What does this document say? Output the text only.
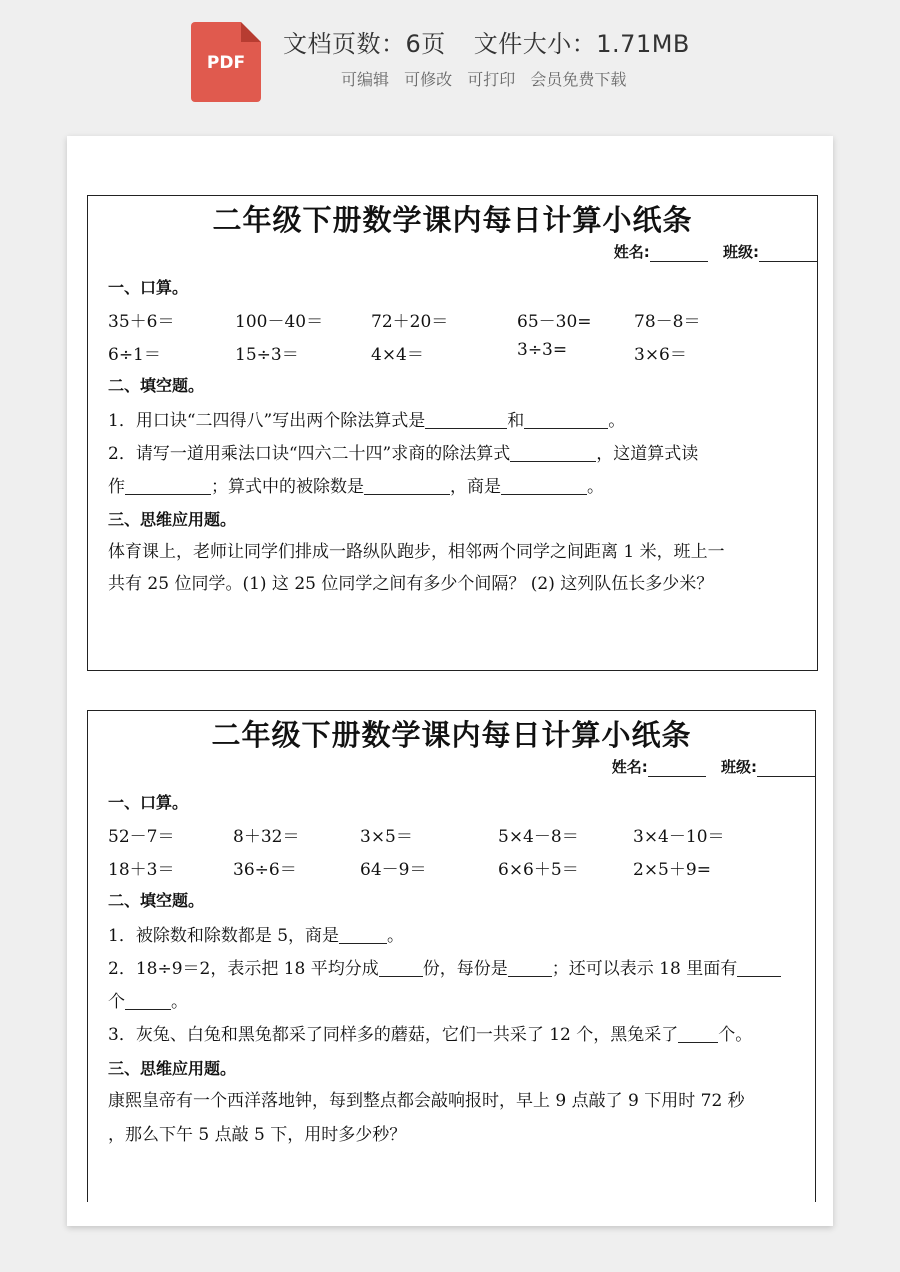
PDF
文档页数：6页 文件大小：1.71MB
可编辑 可修改 可打印 会员免费下载
二年级下册数学课内每日计算小纸条
姓名:	班级:
一、口算。
35＋6＝	100－40＝	72＋20＝	65－30= 78－8＝
6÷1＝	15÷3＝	4×4＝	3÷3=	3×6＝
二、填空题。
1．用口诀“二四得八”写出两个除法算式是	和	。
2．请写一道用乘法口诀“四六二十四”求商的除法算式	，这道算式读
作	；算式中的被除数是	，商是	。
三、思维应用题。
体育课上，老师让同学们排成一路纵队跑步，相邻两个同学之间距离 1 米，班上一
共有 25 位同学。(1) 这 25 位同学之间有多少个间隔？ (2) 这列队伍长多少米？
二年级下册数学课内每日计算小纸条
姓名:	班级:
一、口算。
52－7＝	8＋32＝	3×5＝	5×4－8＝	3×4－10＝
18＋3＝	36÷6＝	64－9＝	6×6＋5＝	2×5＋9=
二、填空题。
1．被除数和除数都是 5，商是	。
2．18÷9＝2，表示把 18 平均分成	份，每份是	；还可以表示 18 里面有
个	。
3．灰兔、白兔和黑兔都采了同样多的蘑菇，它们一共采了 12 个，黑兔采了 个。
三、思维应用题。
康熙皇帝有一个西洋落地钟，每到整点都会敲响报时，早上 9 点敲了 9 下用时 72 秒
，那么下午 5 点敲 5 下，用时多少秒？
